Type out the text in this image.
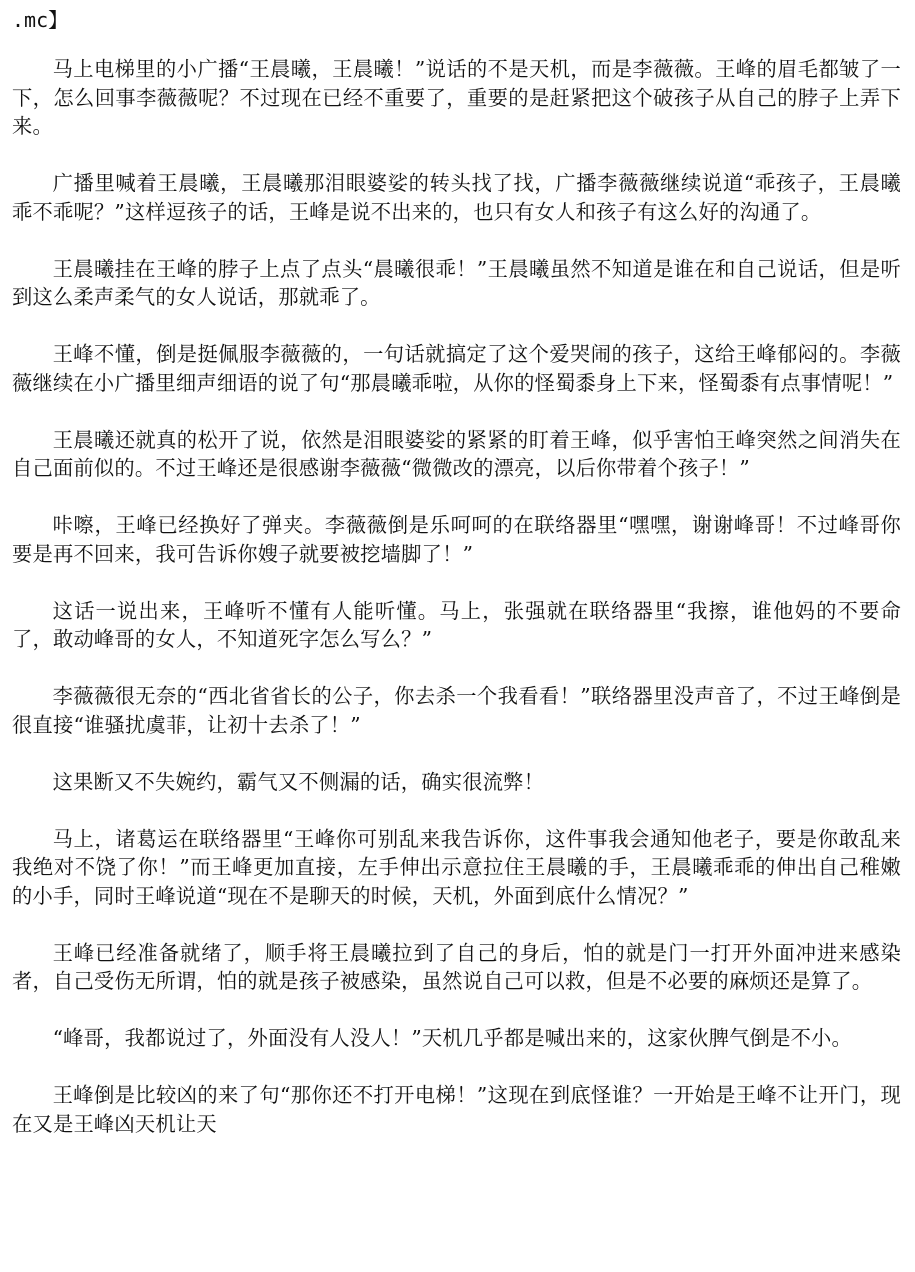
.mc】

马上电梯里的小广播“王晨曦，王晨曦！”说话的不是天机，而是李薇薇。王峰的眉毛都皱了一下，怎么回事李薇薇呢？不过现在已经不重要了，重要的是赶紧把这个破孩子从自己的脖子上弄下来。

广播里喊着王晨曦，王晨曦那泪眼婆娑的转头找了找，广播李薇薇继续说道“乖孩子，王晨曦乖不乖呢？”这样逗孩子的话，王峰是说不出来的，也只有女人和孩子有这么好的沟通了。

王晨曦挂在王峰的脖子上点了点头“晨曦很乖！”王晨曦虽然不知道是谁在和自己说话，但是听到这么柔声柔气的女人说话，那就乖了。

王峰不懂，倒是挺佩服李薇薇的，一句话就搞定了这个爱哭闹的孩子，这给王峰郁闷的。李薇薇继续在小广播里细声细语的说了句“那晨曦乖啦，从你的怪蜀黍身上下来，怪蜀黍有点事情呢！”

王晨曦还就真的松开了说，依然是泪眼婆娑的紧紧的盯着王峰，似乎害怕王峰突然之间消失在自己面前似的。不过王峰还是很感谢李薇薇“微微改的漂亮，以后你带着个孩子！”

咔嚓，王峰已经换好了弹夹。李薇薇倒是乐呵呵的在联络器里“嘿嘿，谢谢峰哥！不过峰哥你要是再不回来，我可告诉你嫂子就要被挖墙脚了！”

这话一说出来，王峰听不懂有人能听懂。马上，张强就在联络器里“我擦，谁他妈的不要命了，敢动峰哥的女人，不知道死字怎么写么？”

李薇薇很无奈的“西北省省长的公子，你去杀一个我看看！”联络器里没声音了，不过王峰倒是很直接“谁骚扰虞菲，让初十去杀了！”

这果断又不失婉约，霸气又不侧漏的话，确实很流弊！

马上，诸葛运在联络器里“王峰你可别乱来我告诉你，这件事我会通知他老子，要是你敢乱来我绝对不饶了你！”而王峰更加直接，左手伸出示意拉住王晨曦的手，王晨曦乖乖的伸出自己稚嫩的小手，同时王峰说道“现在不是聊天的时候，天机，外面到底什么情况？”

王峰已经准备就绪了，顺手将王晨曦拉到了自己的身后，怕的就是门一打开外面冲进来感染者，自己受伤无所谓，怕的就是孩子被感染，虽然说自己可以救，但是不必要的麻烦还是算了。

“峰哥，我都说过了，外面没有人没人！”天机几乎都是喊出来的，这家伙脾气倒是不小。

王峰倒是比较凶的来了句“那你还不打开电梯！”这现在到底怪谁？一开始是王峰不让开门，现在又是王峰凶天机让天
